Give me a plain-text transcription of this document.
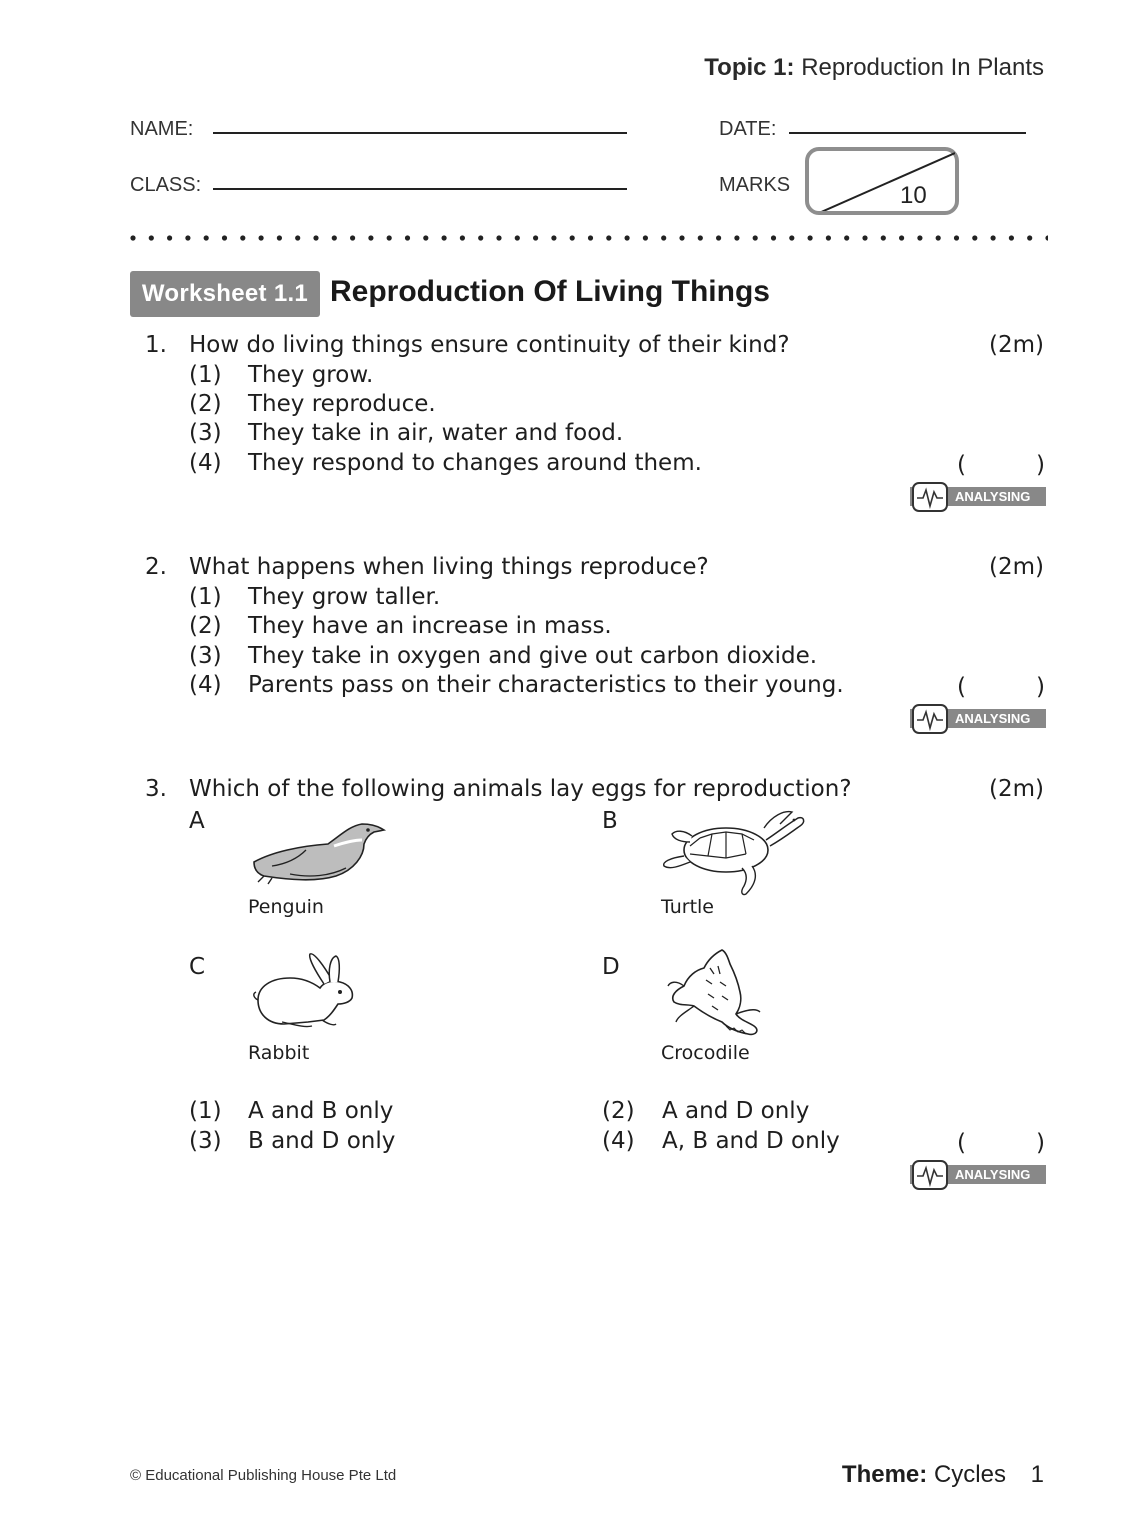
Topic 1: Reproduction In Plants
NAME:	DATE:
CLASS:	MARKS	10
Worksheet 1.1 Reproduction Of Living Things
1. How do living things ensure continuity of their kind?	(2m)
(1) They grow.
(2) They reproduce.
(3) They take in air, water and food.
(4) They respond to changes around them.	(	)
ANALYSING
2. What happens when living things reproduce?	(2m)
(1) They grow taller.
(2) They have an increase in mass.
(3) They take in oxygen and give out carbon dioxide.
(4) Parents pass on their characteristics to their young.	(	)
ANALYSING
3. Which of the following animals lay eggs for reproduction?	(2m)
A
Penguin
B
Turtle
C
Rabbit
D
Crocodile
(1) A and B only	(2) A and D only
(3) B and D only	(4) A, B and D only	(	)
ANALYSING
© Educational Publishing House Pte Ltd	Theme: Cycles 1
